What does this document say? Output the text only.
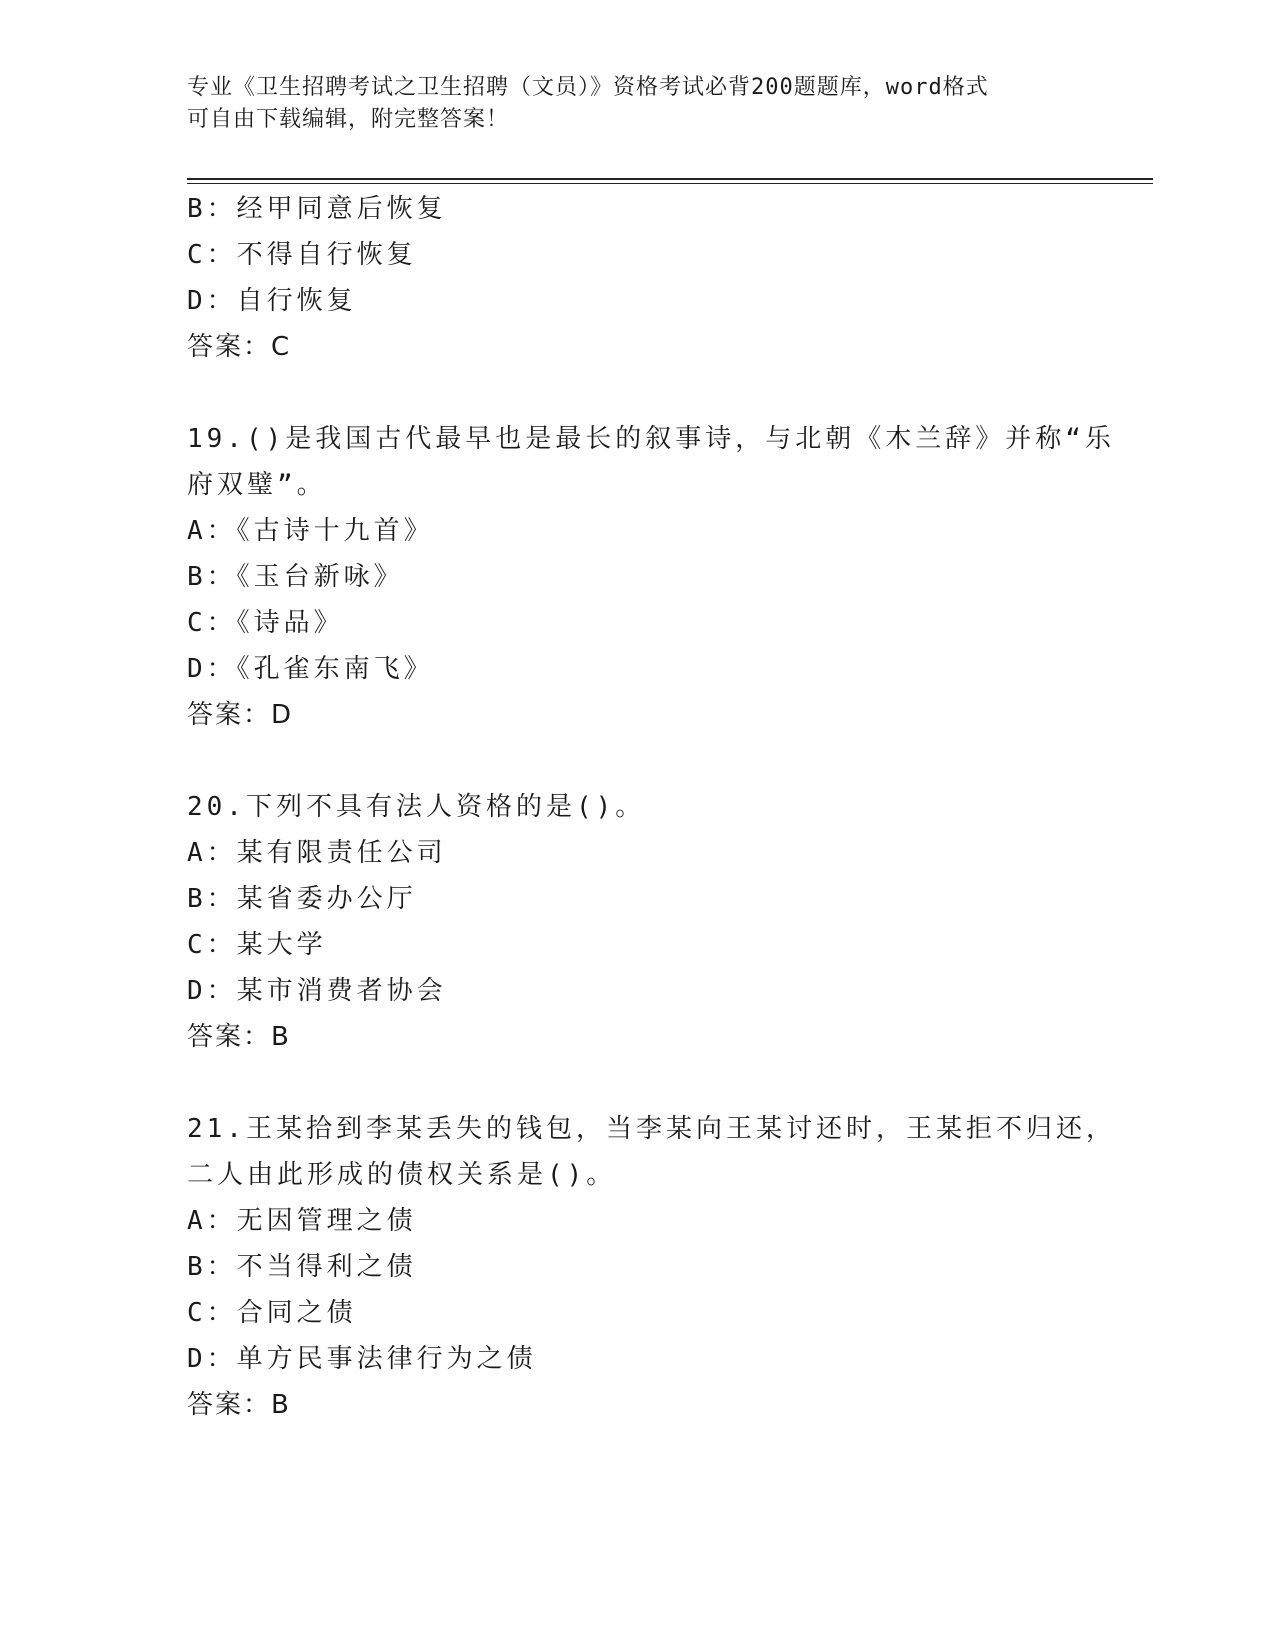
专业《卫生招聘考试之卫生招聘（文员）》资格考试必背200题题库，word格式
可自由下载编辑，附完整答案！
B：经甲同意后恢复
C：不得自行恢复
D：自行恢复
答案：C
19.()是我国古代最早也是最长的叙事诗，与北朝《木兰辞》并称“乐
府双璧”。
A：《古诗十九首》
B：《玉台新咏》
C：《诗品》
D：《孔雀东南飞》
答案：D
20.下列不具有法人资格的是()。
A：某有限责任公司
B：某省委办公厅
C：某大学
D：某市消费者协会
答案：B
21.王某拾到李某丢失的钱包，当李某向王某讨还时，王某拒不归还，
二人由此形成的债权关系是()。
A：无因管理之债
B：不当得利之债
C：合同之债
D：单方民事法律行为之债
答案：B
